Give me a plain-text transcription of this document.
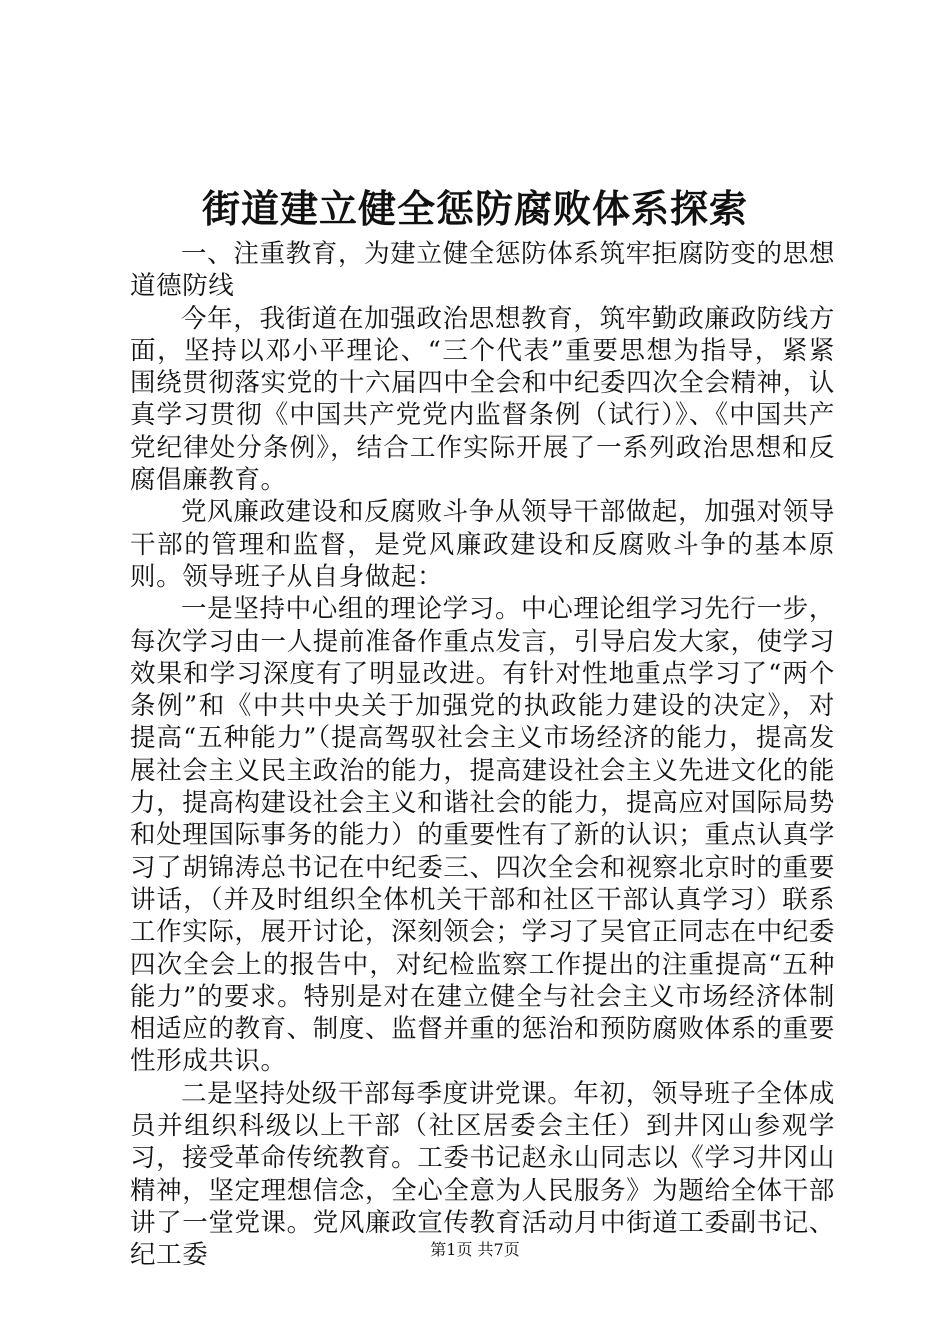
街道建立健全惩防腐败体系探索

一、注重教育，为建立健全惩防体系筑牢拒腐防变的思想道德防线

今年，我街道在加强政治思想教育，筑牢勤政廉政防线方面，坚持以邓小平理论、“三个代表”重要思想为指导，紧紧围绕贯彻落实党的十六届四中全会和中纪委四次全会精神，认真学习贯彻《中国共产党党内监督条例（试行）》、《中国共产党纪律处分条例》，结合工作实际开展了一系列政治思想和反腐倡廉教育。

党风廉政建设和反腐败斗争从领导干部做起，加强对领导干部的管理和监督，是党风廉政建设和反腐败斗争的基本原则。领导班子从自身做起：

一是坚持中心组的理论学习。中心理论组学习先行一步，每次学习由一人提前准备作重点发言，引导启发大家，使学习效果和学习深度有了明显改进。有针对性地重点学习了“两个条例”和《中共中央关于加强党的执政能力建设的决定》，对提高“五种能力”（提高驾驭社会主义市场经济的能力，提高发展社会主义民主政治的能力，提高建设社会主义先进文化的能力，提高构建设社会主义和谐社会的能力，提高应对国际局势和处理国际事务的能力）的重要性有了新的认识；重点认真学习了胡锦涛总书记在中纪委三、四次全会和视察北京时的重要讲话，（并及时组织全体机关干部和社区干部认真学习）联系工作实际，展开讨论，深刻领会；学习了吴官正同志在中纪委四次全会上的报告中，对纪检监察工作提出的注重提高“五种能力”的要求。特别是对在建立健全与社会主义市场经济体制相适应的教育、制度、监督并重的惩治和预防腐败体系的重要性形成共识。

二是坚持处级干部每季度讲党课。年初，领导班子全体成员并组织科级以上干部（社区居委会主任）到井冈山参观学习，接受革命传统教育。工委书记赵永山同志以《学习井冈山精神，坚定理想信念，全心全意为人民服务》为题给全体干部讲了一堂党课。党风廉政宣传教育活动月中街道工委副书记、纪工委	第1页 共7页
